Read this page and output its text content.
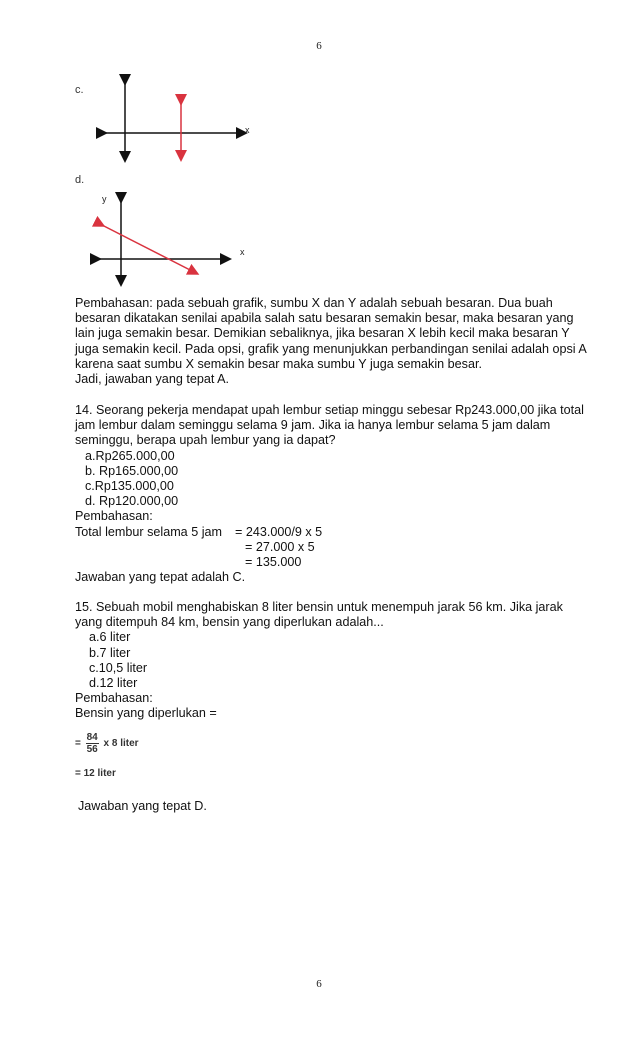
6
c.
x
d.
y
x
Pembahasan: pada sebuah grafik, sumbu X dan Y adalah sebuah besaran. Dua buah
besaran dikatakan senilai apabila salah satu besaran semakin besar, maka besaran yang
lain juga semakin besar. Demikian sebaliknya, jika besaran X lebih kecil maka besaran Y
juga semakin kecil. Pada opsi, grafik yang menunjukkan perbandingan senilai adalah opsi A
karena saat sumbu X semakin besar maka sumbu Y juga semakin besar.
Jadi, jawaban yang tepat A.
14. Seorang pekerja mendapat upah lembur setiap minggu sebesar Rp243.000,00 jika total
jam lembur dalam seminggu selama 9 jam. Jika ia hanya lembur selama 5 jam dalam
seminggu, berapa upah lembur yang ia dapat?
a.Rp265.000,00
b. Rp165.000,00
c.Rp135.000,00
d. Rp120.000,00
Pembahasan:
Total lembur selama 5 jam = 243.000/9 x 5
= 27.000 x 5
= 135.000
Jawaban yang tepat adalah C.
15. Sebuah mobil menghabiskan 8 liter bensin untuk menempuh jarak 56 km. Jika jarak
yang ditempuh 84 km, bensin yang diperlukan adalah...
a.6 liter
b.7 liter
c.10,5 liter
d.12 liter
Pembahasan:
Bensin yang diperlukan =
= $\frac{84}{56}$ x 8 liter
= 12 liter
Jawaban yang tepat D.
6
